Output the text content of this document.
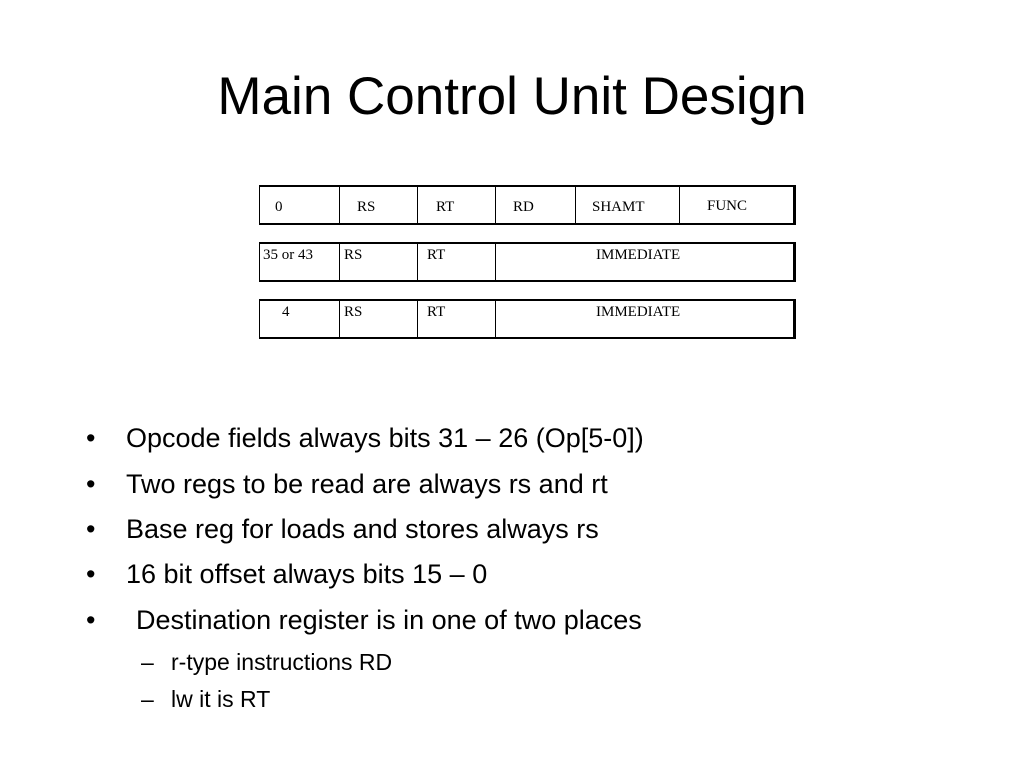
Main Control Unit Design
0	RS	RT	RD	SHAMT	FUNC
35 or 43	RS	RT	IMMEDIATE
4	RS	RT	IMMEDIATE
• Opcode fields always bits 31 – 26 (Op[5-0])
• Two regs to be read are always rs and rt
• Base reg for loads and stores always rs
• 16 bit offset always bits 15 – 0
• Destination register is in one of two places
– r-type instructions RD
– lw it is RT
